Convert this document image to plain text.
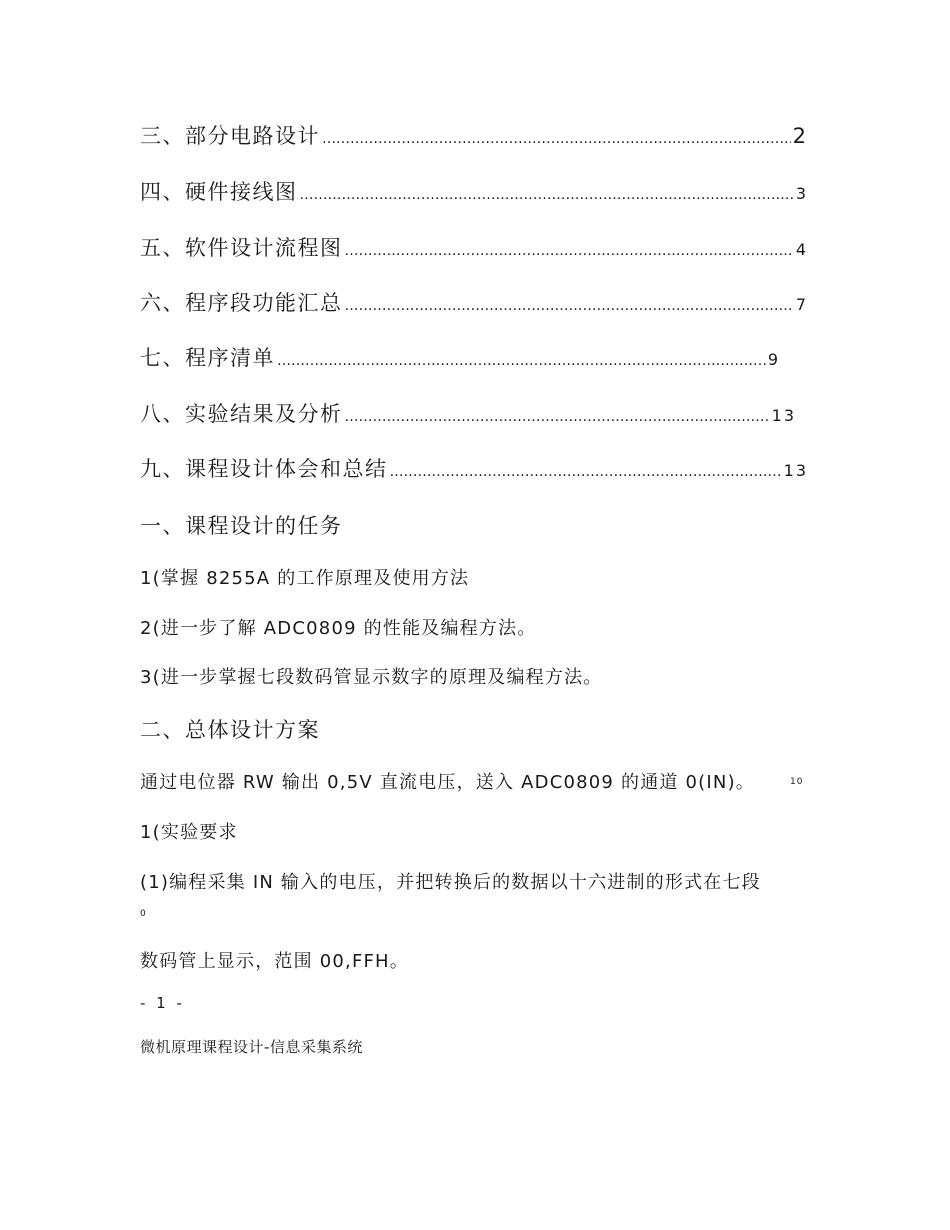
三、部分电路设计 ……………………………………………………………………………………………………………………………………………………	2
四、硬件接线图 ……………………………………………………………………………………………………………………………………………………	3
五、软件设计流程图 ……………………………………………………………………………………………………………………………………………………	4
六、程序段功能汇总 ……………………………………………………………………………………………………………………………………………………	7
七、程序清单 ……………………………………………………………………………………………………………………………………………………	9
八、实验结果及分析 ……………………………………………………………………………………………………………………………………………………	13
九、课程设计体会和总结 ……………………………………………………………………………………………………………………………………………………	13
一、课程设计的任务
1(掌握 8255A 的工作原理及使用方法
2(进一步了解 ADC0809 的性能及编程方法。
3(进一步掌握七段数码管显示数字的原理及编程方法。
二、总体设计方案
通过电位器 RW 输出 0,5V 直流电压，送入 ADC0809 的通道 0(IN)。	10
1(实验要求
(1)编程采集 IN 输入的电压，并把转换后的数据以十六进制的形式在七段
0
数码管上显示，范围 00,FFH。
- 1 -
微机原理课程设计-信息采集系统
